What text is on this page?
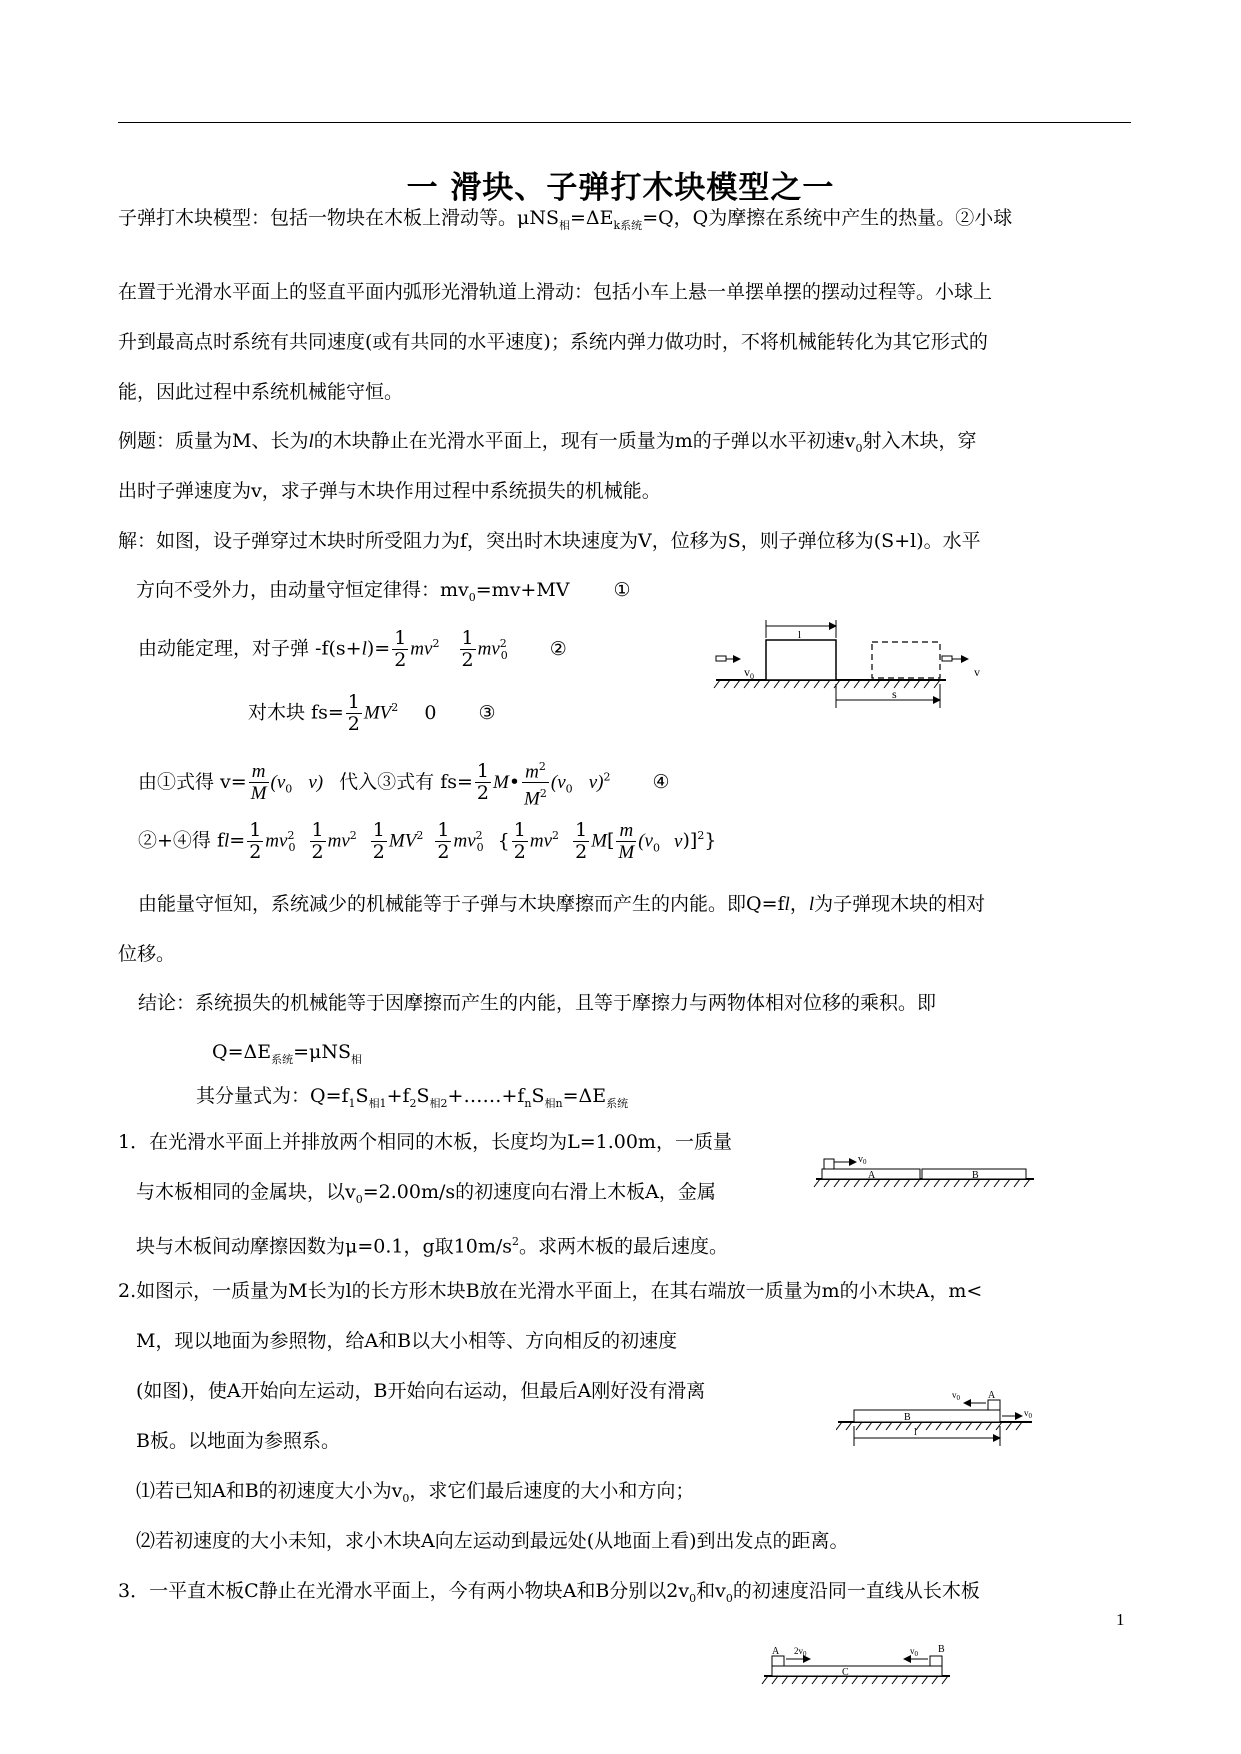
一 滑块、子弹打木块模型之一
子弹打木块模型：包括一物块在木板上滑动等。$\mu NS_相=\Delta E_{k系统}=Q$，Q为摩擦在系统中产生的热量。②小球
在置于光滑水平面上的竖直平面内弧形光滑轨道上滑动：包括小车上悬一单摆单摆的摆动过程等。小球上
升到最高点时系统有共同速度(或有共同的水平速度)；系统内弹力做功时，不将机械能转化为其它形式的
能，因此过程中系统机械能守恒。
例题：质量为M、长为l的木块静止在光滑水平面上，现有一质量为m的子弹以水平初速$v_0$射入木块，穿
出时子弹速度为v，求子弹与木块作用过程中系统损失的机械能。
解：如图，设子弹穿过木块时所受阻力为f，突出时木块速度为V，位移为S，则子弹位移为(S+l)。水平
方向不受外力，由动量守恒定律得：$mv_0=mv+MV$ ①
由动能定理，对子弹 $-f(s+l)= \frac{1}{2} mv^2 \frac{1}{2} mv^2_0$ ②
对木块 $fs= \frac{1}{2} MV^2$ 0 ③
由①式得 $v= \frac{m}{M} (v_0$ v) 代入③式有 $fs= \frac{1}{2}$ M• $\frac{m^2}{M^2} (v_0$ v)$^2$ ④
②+④得 $fl= \frac{1}{2} mv^2_0 \frac{1}{2} mv^2 \frac{1}{2} MV^2 \frac{1}{2} mv^2_0$ { $\frac{1}{2} mv^2 \frac{1}{2} M[ \frac{m}{M} (v_0$ v)]$^2$}
由能量守恒知，系统减少的机械能等于子弹与木块摩擦而产生的内能。即Q=fl，l为子弹现木块的相对
位移。
结论：系统损失的机械能等于因摩擦而产生的内能，且等于摩擦力与两物体相对位移的乘积。即
$Q=\Delta E_{系统}=\mu NS_相$
其分量式为：$Q=f_1S_{相1}+f_2S_{相2}+\dots\dots+f_nS_{相n}=\Delta E_{系统}$
1．在光滑水平面上并排放两个相同的木板，长度均为L=1.00m，一质量
与木板相同的金属块，以$v_0=2.00m/s$的初速度向右滑上木板A，金属
块与木板间动摩擦因数为μ=0.1，g取$10m/s^2$。求两木板的最后速度。
2.如图示，一质量为M长为l的长方形木块B放在光滑水平面上，在其右端放一质量为m的小木块A，m<
M，现以地面为参照物，给A和B以大小相等、方向相反的初速度
(如图)，使A开始向左运动，B开始向右运动，但最后A刚好没有滑离
B板。以地面为参照系。
⑴若已知A和B的初速度大小为$v_0$，求它们最后速度的大小和方向；
⑵若初速度的大小未知，求小木块A向左运动到最远处(从地面上看)到出发点的距离。
3．一平直木板C静止在光滑水平面上，今有两小物块A和B分别以$2v_0$和$v_0$的初速度沿同一直线从长木板
l
$v_0$	v
s
A	B
$v_0$
B
A
$v_0$
$v_0$
l
C
A	B
$2v_0$	$v_0$
1
